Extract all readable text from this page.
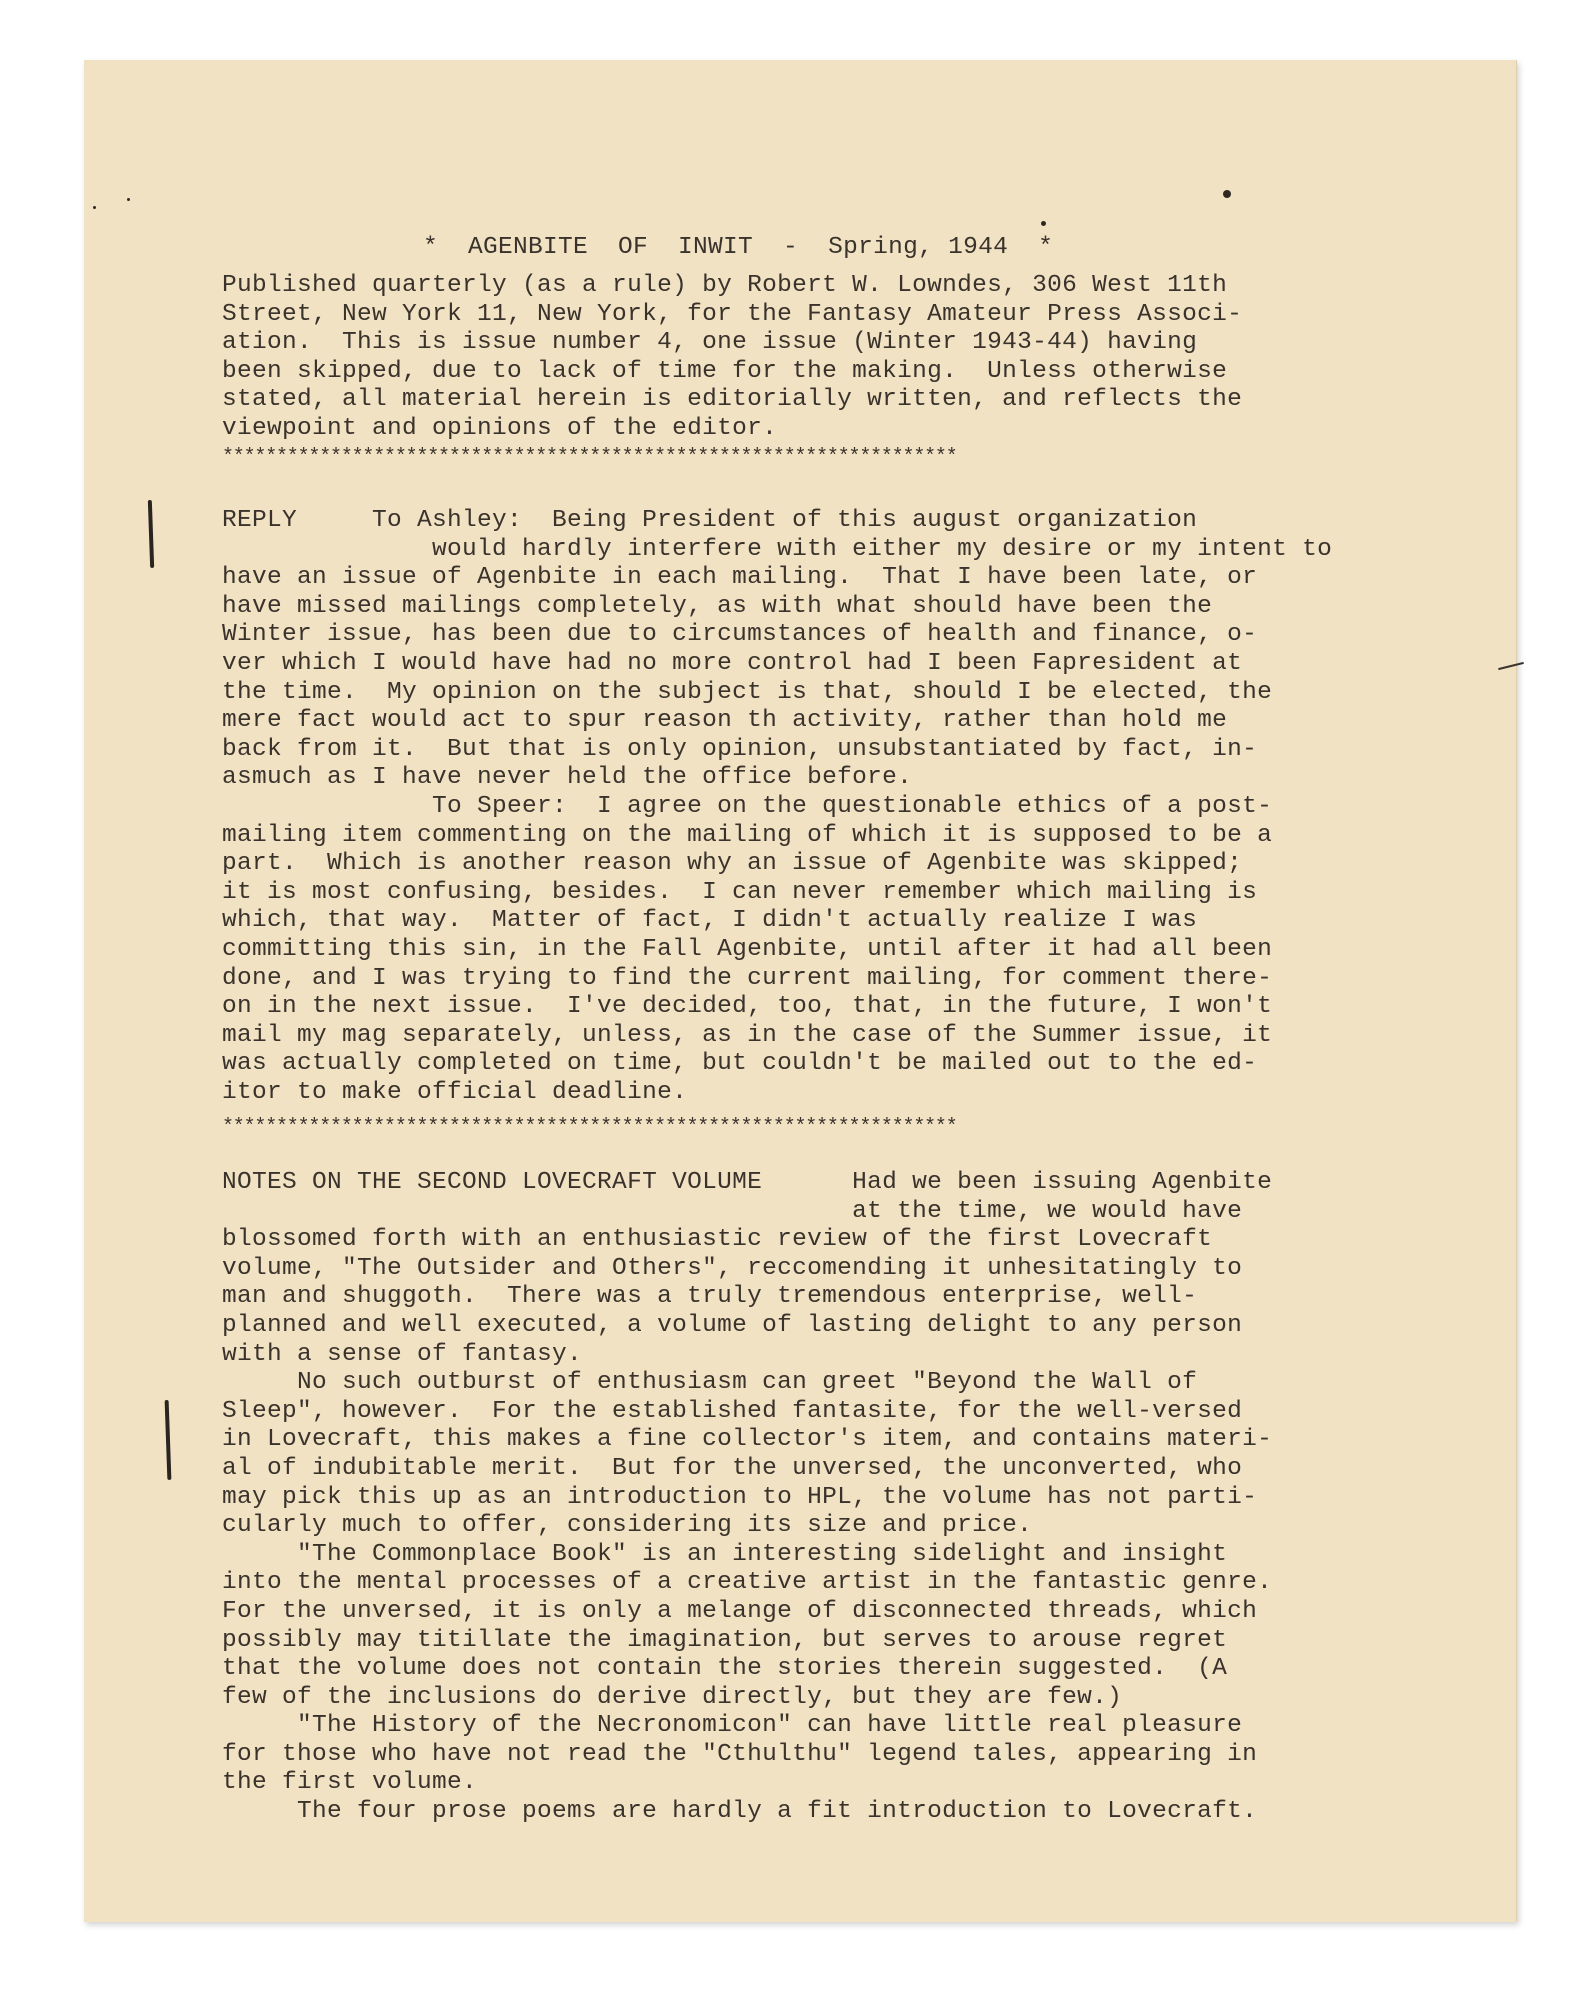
*  AGENBITE  OF  INWIT  -  Spring, 1944  *
Published quarterly (as a rule) by Robert W. Lowndes, 306 West 11th
Street, New York 11, New York, for the Fantasy Amateur Press Associ-
ation.  This is issue number 4, one issue (Winter 1943-44) having
been skipped, due to lack of time for the making.  Unless otherwise
stated, all material herein is editorially written, and reflects the
viewpoint and opinions of the editor.
********************************************************************
REPLY     To Ashley:  Being President of this august organization
would hardly interfere with either my desire or my intent to
have an issue of Agenbite in each mailing.  That I have been late, or
have missed mailings completely, as with what should have been the
Winter issue, has been due to circumstances of health and finance, o-
ver which I would have had no more control had I been Fapresident at
the time.  My opinion on the subject is that, should I be elected, the
mere fact would act to spur reason th activity, rather than hold me
back from it.  But that is only opinion, unsubstantiated by fact, in-
asmuch as I have never held the office before.
To Speer:  I agree on the questionable ethics of a post-
mailing item commenting on the mailing of which it is supposed to be a
part.  Which is another reason why an issue of Agenbite was skipped;
it is most confusing, besides.  I can never remember which mailing is
which, that way.  Matter of fact, I didn't actually realize I was
committing this sin, in the Fall Agenbite, until after it had all been
done, and I was trying to find the current mailing, for comment there-
on in the next issue.  I've decided, too, that, in the future, I won't
mail my mag separately, unless, as in the case of the Summer issue, it
was actually completed on time, but couldn't be mailed out to the ed-
itor to make official deadline.
********************************************************************
NOTES ON THE SECOND LOVECRAFT VOLUME      Had we been issuing Agenbite
at the time, we would have
blossomed forth with an enthusiastic review of the first Lovecraft
volume, "The Outsider and Others", reccomending it unhesitatingly to
man and shuggoth.  There was a truly tremendous enterprise, well-
planned and well executed, a volume of lasting delight to any person
with a sense of fantasy.
No such outburst of enthusiasm can greet "Beyond the Wall of
Sleep", however.  For the established fantasite, for the well-versed
in Lovecraft, this makes a fine collector's item, and contains materi-
al of indubitable merit.  But for the unversed, the unconverted, who
may pick this up as an introduction to HPL, the volume has not parti-
cularly much to offer, considering its size and price.
"The Commonplace Book" is an interesting sidelight and insight
into the mental processes of a creative artist in the fantastic genre.
For the unversed, it is only a melange of disconnected threads, which
possibly may titillate the imagination, but serves to arouse regret
that the volume does not contain the stories therein suggested.  (A
few of the inclusions do derive directly, but they are few.)
"The History of the Necronomicon" can have little real pleasure
for those who have not read the "Cthulthu" legend tales, appearing in
the first volume.
The four prose poems are hardly a fit introduction to Lovecraft.
